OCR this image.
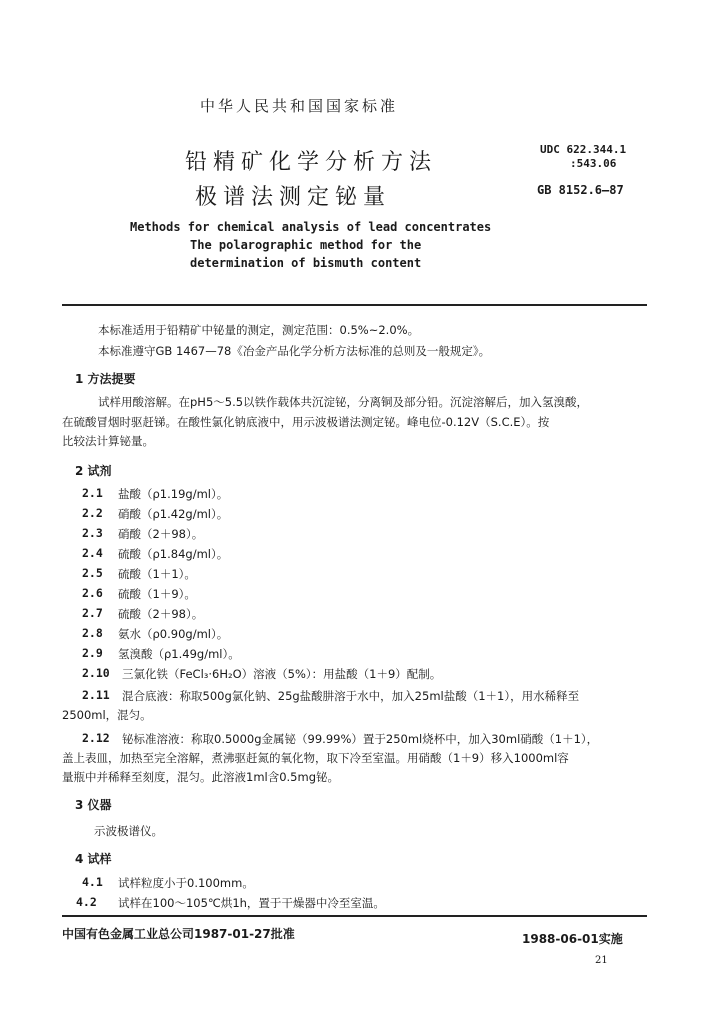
中华人民共和国国家标准
铅精矿化学分析方法
极谱法测定铋量
UDC 622.344.1
:543.06
GB 8152.6—87
Methods for chemical analysis of lead concentrates
The polarographic method for the
determination of bismuth content
本标准适用于铅精矿中铋量的测定，测定范围：0.5%~2.0%。
本标准遵守GB 1467—78《冶金产品化学分析方法标准的总则及一般规定》。
1 方法提要
试样用酸溶解。在pH5～5.5以铁作载体共沉淀铋，分离铜及部分铅。沉淀溶解后，加入氢溴酸，
在硫酸冒烟时驱赶锑。在酸性氯化钠底液中，用示波极谱法测定铋。峰电位-0.12V（S.C.E）。按
比较法计算铋量。
2 试剂
2.1 盐酸（ρ1.19g/ml）。
2.2 硝酸（ρ1.42g/ml）。
2.3 硝酸（2＋98）。
2.4 硫酸（ρ1.84g/ml）。
2.5 硫酸（1＋1）。
2.6 硫酸（1＋9）。
2.7 硫酸（2＋98）。
2.8 氨水（ρ0.90g/ml）。
2.9 氢溴酸（ρ1.49g/ml）。
2.10 三氯化铁（FeCl₃·6H₂O）溶液（5%）：用盐酸（1＋9）配制。
2.11 混合底液：称取500g氯化钠、25g盐酸肼溶于水中，加入25ml盐酸（1＋1），用水稀释至
2500ml，混匀。
2.12 铋标准溶液：称取0.5000g金属铋（99.99%）置于250ml烧杯中，加入30ml硝酸（1＋1），
盖上表皿，加热至完全溶解，煮沸驱赶氮的氧化物，取下冷至室温。用硝酸（1＋9）移入1000ml容
量瓶中并稀释至刻度，混匀。此溶液1ml含0.5mg铋。
3 仪器
示波极谱仪。
4 试样
4.1 试样粒度小于0.100mm。
4.2 试样在100～105℃烘1h，置于干燥器中冷至室温。
中国有色金属工业总公司1987-01-27批准	1988-06-01实施
21
